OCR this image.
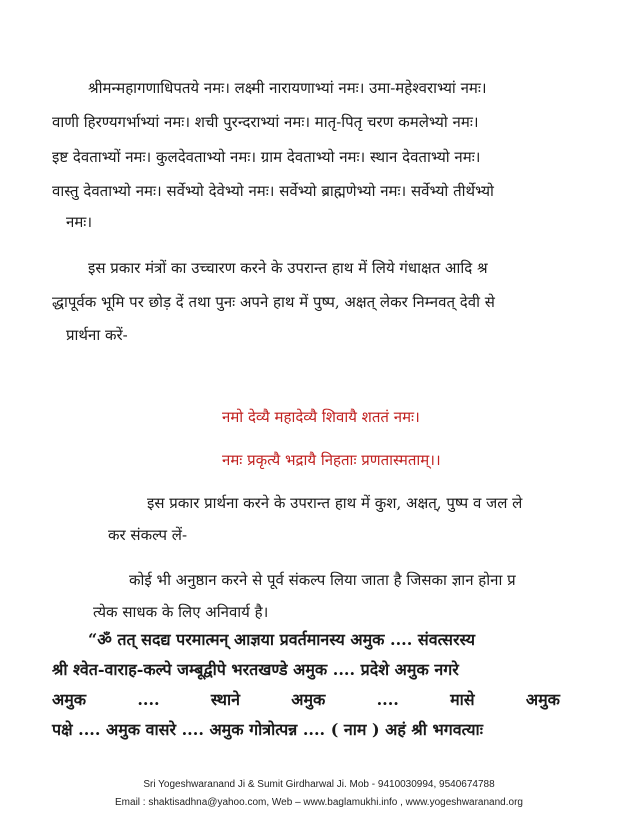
श्रीमन्महागणाधिपतये नमः। लक्ष्मी नारायणाभ्यां नमः। उमा-महेश्वराभ्यां नमः।
वाणी हिरण्यगर्भाभ्यां नमः। शची पुरन्दराभ्यां नमः। मातृ-पितृ चरण कमलेभ्यो नमः।
इष्ट देवताभ्यों नमः। कुलदेवताभ्यो नमः। ग्राम देवताभ्यो नमः। स्थान देवताभ्यो नमः।
वास्तु देवताभ्यो नमः। सर्वेभ्यो देवेभ्यो नमः। सर्वेभ्यो ब्राह्मणेभ्यो नमः। सर्वेभ्यो तीर्थेभ्यो
नमः।
इस प्रकार मंत्रों का उच्चारण करने के उपरान्त हाथ में लिये गंधाक्षत आदि श्र
द्धापूर्वक भूमि पर छोड़ दें तथा पुनः अपने हाथ में पुष्प, अक्षत् लेकर निम्नवत् देवी से
प्रार्थना करें-
नमो देव्यै महादेव्यै शिवायै शततं नमः।
नमः प्रकृत्यै भद्रायै निहताः प्रणतास्मताम्।।
इस प्रकार प्रार्थना करने के उपरान्त हाथ में कुश, अक्षत्, पुष्प व जल ले
कर संकल्प लें-
कोई भी अनुष्ठान करने से पूर्व संकल्प लिया जाता है जिसका ज्ञान होना प्र
त्येक साधक के लिए अनिवार्य है।
“ॐ तत् सदद्य परमात्मन् आज्ञया प्रवर्तमानस्य अमुक .... संवत्सरस्य
श्री श्वेत-वाराह-कल्पे जम्बूद्वीपे भरतखण्डे अमुक .... प्रदेशे अमुक नगरे
अमुक	....	स्थाने	अमुक	....	मासे	अमुक
पक्षे .... अमुक वासरे .... अमुक गोत्रोत्पन्न .... ( नाम ) अहं श्री भगवत्याः
Sri Yogeshwaranand Ji & Sumit Girdharwal Ji. Mob - 9410030994, 9540674788
Email : shaktisadhna@yahoo.com, Web – www.baglamukhi.info , www.yogeshwaranand.org
